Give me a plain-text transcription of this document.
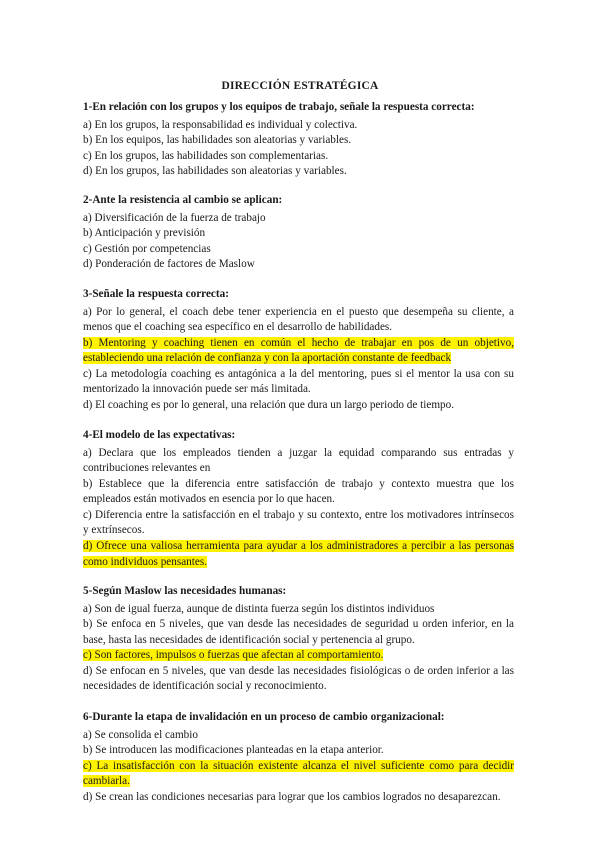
DIRECCIÓN ESTRATÉGICA

1-En relación con los grupos y los equipos de trabajo, señale la respuesta correcta:

a) En los grupos, la responsabilidad es individual y colectiva.

b) En los equipos, las habilidades son aleatorias y variables.

c) En los grupos, las habilidades son complementarias.

d) En los grupos, las habilidades son aleatorias y variables.

2-Ante la resistencia al cambio se aplican:

a) Diversificación de la fuerza de trabajo

b) Anticipación y previsión

c) Gestión por competencias

d) Ponderación de factores de Maslow

3-Señale la respuesta correcta:

a) Por lo general, el coach debe tener experiencia en el puesto que desempeña su cliente, a menos que el coaching sea específico en el desarrollo de habilidades.

b) Mentoring y coaching tienen en común el hecho de trabajar en pos de un objetivo, estableciendo una relación de confianza y con la aportación constante de feedback

c) La metodología coaching es antagónica a la del mentoring, pues si el mentor la usa con su mentorizado la innovación puede ser más limitada.

d) El coaching es por lo general, una relación que dura un largo periodo de tiempo.

4-El modelo de las expectativas:

a) Declara que los empleados tienden a juzgar la equidad comparando sus entradas y contribuciones relevantes en

b) Establece que la diferencia entre satisfacción de trabajo y contexto muestra que los empleados están motivados en esencia por lo que hacen.

c) Diferencia entre la satisfacción en el trabajo y su contexto, entre los motivadores intrínsecos y extrínsecos.

d) Ofrece una valiosa herramienta para ayudar a los administradores a percibir a las personas como individuos pensantes.

5-Según Maslow las necesidades humanas:

a) Son de igual fuerza, aunque de distinta fuerza según los distintos individuos

b) Se enfoca en 5 niveles, que van desde las necesidades de seguridad u orden inferior, en la base, hasta las necesidades de identificación social y pertenencia al grupo.

c) Son factores, impulsos o fuerzas que afectan al comportamiento.

d) Se enfocan en 5 niveles, que van desde las necesidades fisiológicas o de orden inferior a las necesidades de identificación social y reconocimiento.

6-Durante la etapa de invalidación en un proceso de cambio organizacional:

a) Se consolida el cambio

b) Se introducen las modificaciones planteadas en la etapa anterior.

c) La insatisfacción con la situación existente alcanza el nivel suficiente como para decidir cambiarla.

d) Se crean las condiciones necesarias para lograr que los cambios logrados no desaparezcan.
